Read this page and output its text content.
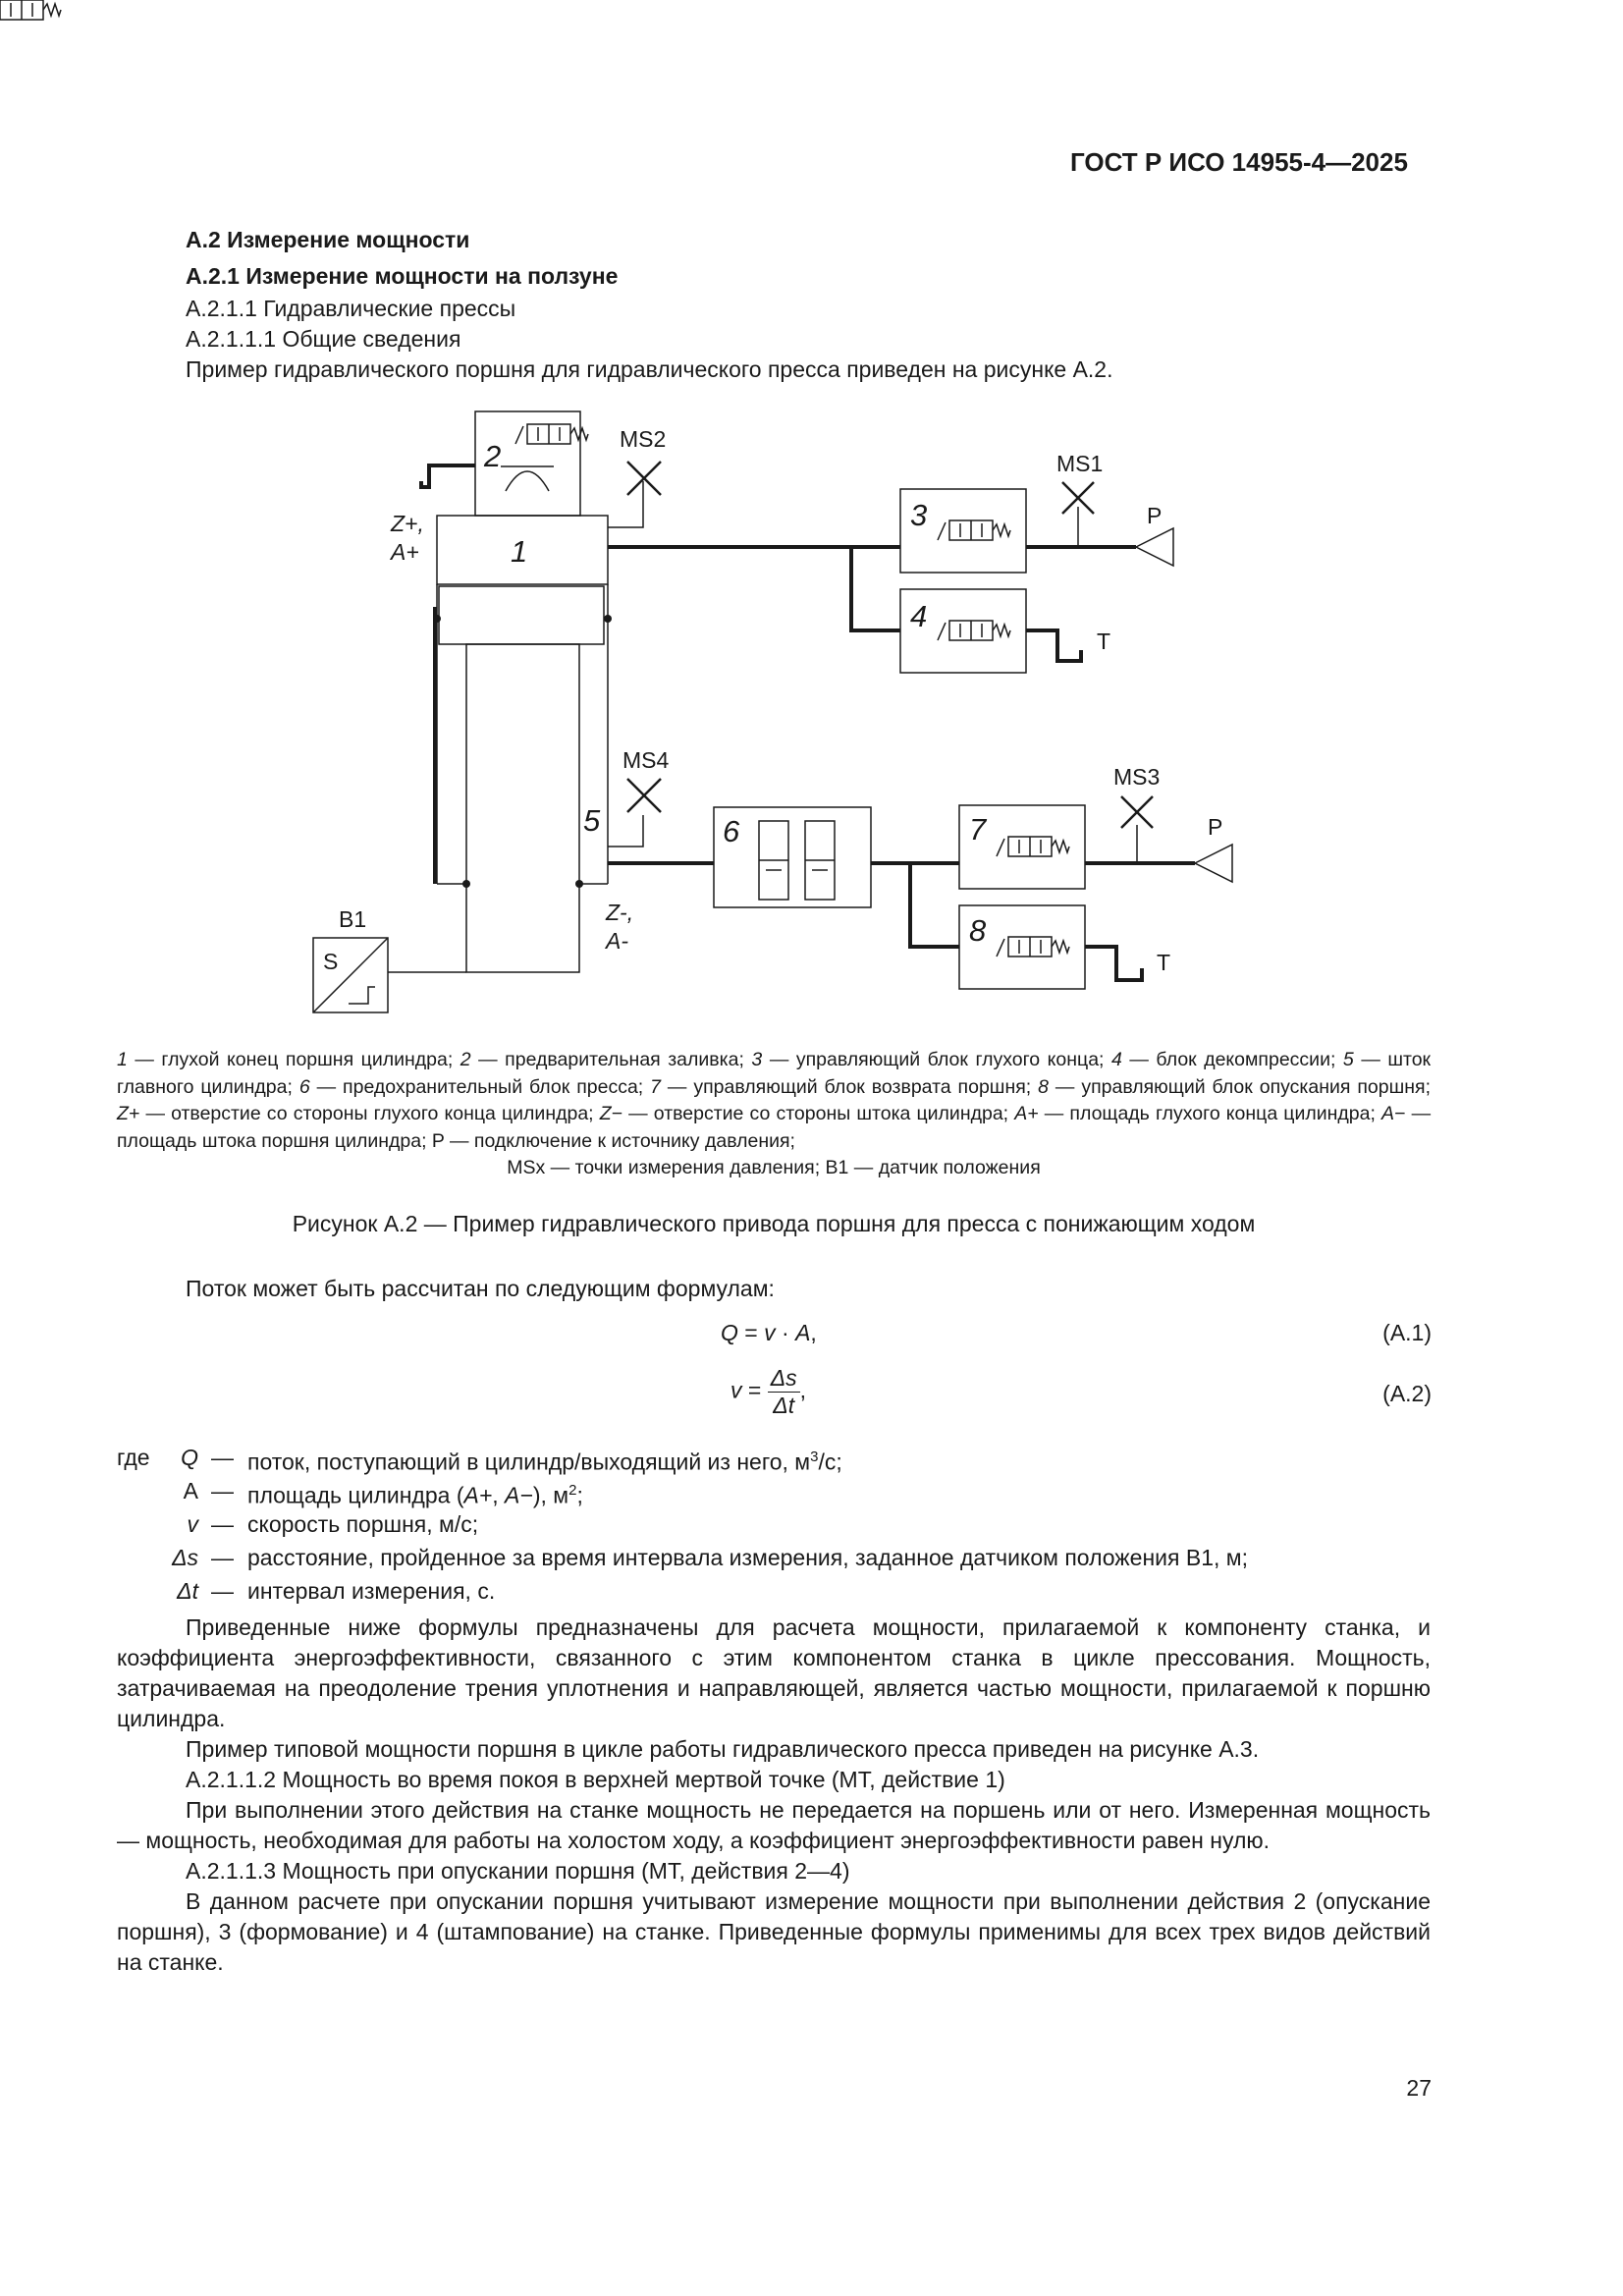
ГОСТ Р ИСО 14955-4—2025
А.2 Измерение мощности
А.2.1 Измерение мощности на ползуне
А.2.1.1 Гидравлические прессы
А.2.1.1.1 Общие сведения
Пример гидравлического поршня для гидравлического пресса приведен на рисунке А.2.
2
1
3
4
5	6	7
8
MS2
MS1
MS4
MS3
P
P
T
T
Z+,
A+
Z-,
A-
B1
S
1 — глухой конец поршня цилиндра; 2 — предварительная заливка; 3 — управляющий блок глухого конца; 4 — блок декомпрессии; 5 — шток главного цилиндра; 6 — предохранительный блок пресса; 7 — управляющий блок возврата поршня; 8 — управляющий блок опускания поршня; Z+ — отверстие со стороны глухого конца цилиндра; Z− — отверстие со стороны штока цилиндра; A+ — площадь глухого конца цилиндра; A− — площадь штока поршня цилиндра; P — подключение к источнику давления;
MSx — точки измерения давления; B1 — датчик положения
Рисунок А.2 — Пример гидравлического привода поршня для пресса с понижающим ходом
Поток может быть рассчитан по следующим формулам:
Q = v · A,	(А.1)
$v = \frac{\Delta s}{\Delta t}$ ,	(А.2)
где	Q — поток, поступающий в цилиндр/выходящий из него, $м^3/с$;
A — площадь цилиндра (A+, A−), $м^2$;
v — скорость поршня, м/с;
Δs — расстояние, пройденное за время интервала измерения, заданное датчиком положения B1, м;
Δt — интервал измерения, с.
Приведенные ниже формулы предназначены для расчета мощности, прилагаемой к компоненту станка, и коэффициента энергоэффективности, связанного с этим компонентом станка в цикле прессования. Мощность, затрачиваемая на преодоление трения уплотнения и направляющей, является частью мощности, прилагаемой к поршню цилиндра.
Пример типовой мощности поршня в цикле работы гидравлического пресса приведен на рисунке А.3.
А.2.1.1.2 Мощность во время покоя в верхней мертвой точке (МТ, действие 1)
При выполнении этого действия на станке мощность не передается на поршень или от него. Измеренная мощность — мощность, необходимая для работы на холостом ходу, а коэффициент энергоэффективности равен нулю.
А.2.1.1.3 Мощность при опускании поршня (МТ, действия 2—4)
В данном расчете при опускании поршня учитывают измерение мощности при выполнении действия 2 (опускание поршня), 3 (формование) и 4 (штампование) на станке. Приведенные формулы применимы для всех трех видов действий на станке.
27
